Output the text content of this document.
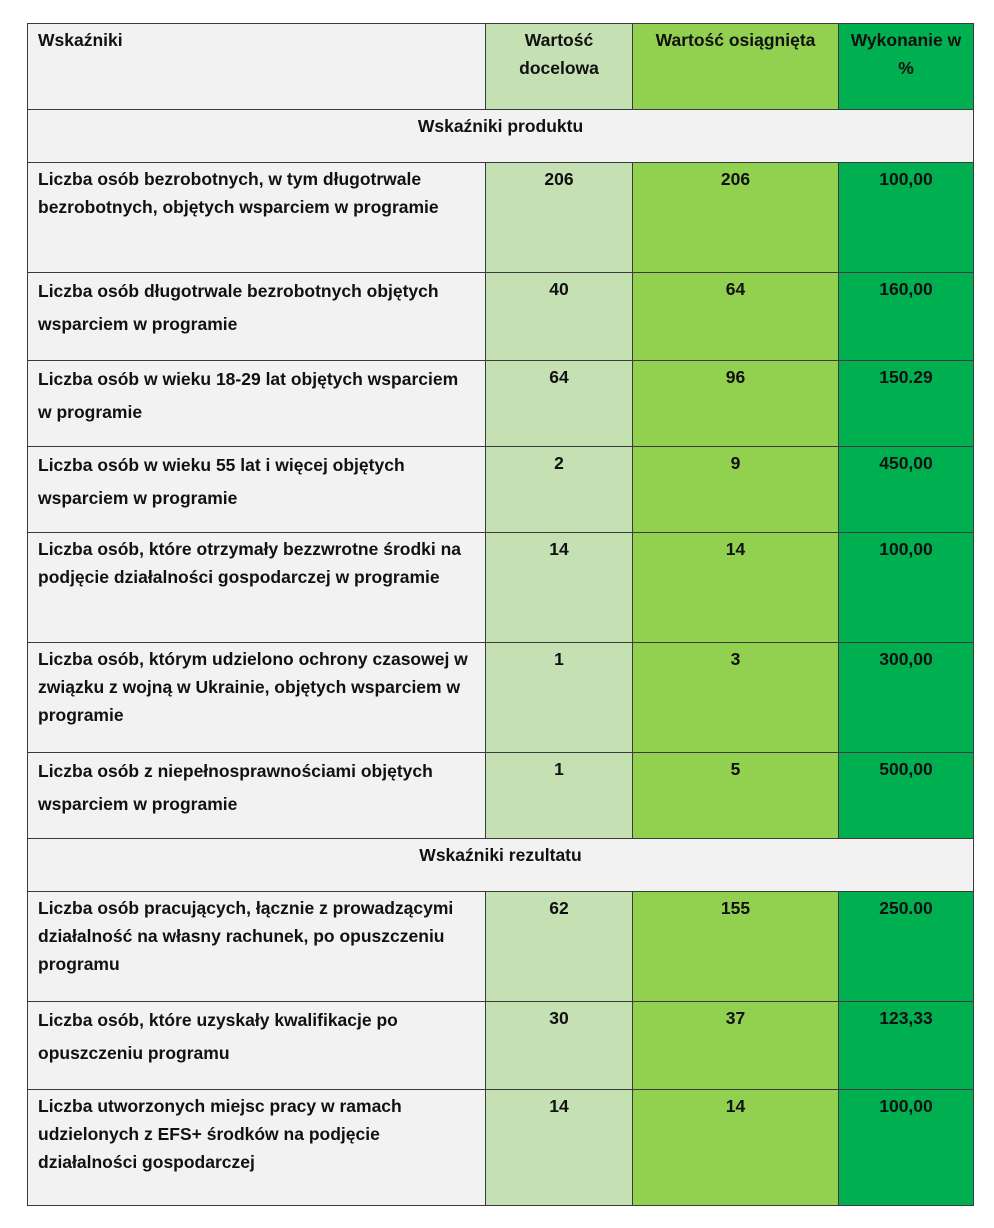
Wskaźniki	Wartość docelowa	Wartość osiągnięta	Wykonanie w %
Wskaźniki produktu			
Liczba osób bezrobotnych, w tym długotrwale bezrobotnych, objętych wsparciem w programie	206	206	100,00
Liczba osób długotrwale bezrobotnych objętych wsparciem w programie	40	64	160,00
Liczba osób w wieku 18-29 lat objętych wsparciem w programie	64	96	150.29
Liczba osób w wieku 55 lat i więcej objętych wsparciem w programie	2	9	450,00
Liczba osób, które otrzymały bezzwrotne środki na podjęcie działalności gospodarczej w programie	14	14	100,00
Liczba osób, którym udzielono ochrony czasowej w związku z wojną w Ukrainie, objętych wsparciem w programie	1	3	300,00
Liczba osób z niepełnosprawnościami objętych wsparciem w programie	1	5	500,00
Wskaźniki rezultatu			
Liczba osób pracujących, łącznie z prowadzącymi działalność na własny rachunek, po opuszczeniu programu	62	155	250.00
Liczba osób, które uzyskały kwalifikacje po opuszczeniu programu	30	37	123,33
Liczba utworzonych miejsc pracy w ramach udzielonych z EFS+ środków na podjęcie działalności gospodarczej	14	14	100,00
